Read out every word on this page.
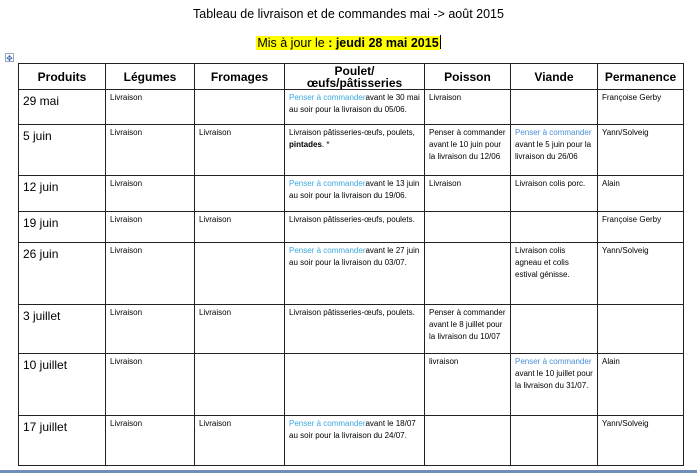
Tableau de livraison et de commandes mai -> août 2015
Mis à jour le : jeudi 28 mai 2015
✥
Produits	Légumes	Fromages	Poulet/œufs/pâtisseries	Poisson	Viande	Permanence
29 mai	Livraison		Penser à commanderavant le 30 mai au soir pour la livraison du 05/06.	Livraison		Françoise Gerby
5 juin	Livraison	Livraison	Livraison pâtisseries-œufs, poulets, pintades. *	Penser à commander avant le 10 juin pour la livraison du 12/06	Penser à commander avant le 5 juin pour la livraison du 26/06	Yann/Solveig
12 juin	Livraison		Penser à commanderavant le 13 juin au soir pour la livraison du 19/06.	Livraison	Livraison colis porc.	Alain
19 juin	Livraison	Livraison	Livraison pâtisseries-œufs, poulets.			Françoise Gerby
26 juin	Livraison		Penser à commanderavant le 27 juin au soir pour la livraison du 03/07.		Livraison colis agneau et colis estival génisse.	Yann/Solveig
3 juillet	Livraison	Livraison	Livraison pâtisseries-œufs, poulets.	Penser à commander avant le 8 juillet pour la livraison du 10/07		
10 juillet	Livraison			livraison	Penser à commander avant le 10 juillet pour la livraison du 31/07.	Alain
17 juillet	Livraison	Livraison	Penser à commanderavant le 18/07 au soir pour la livraison du 24/07.			Yann/Solveig
